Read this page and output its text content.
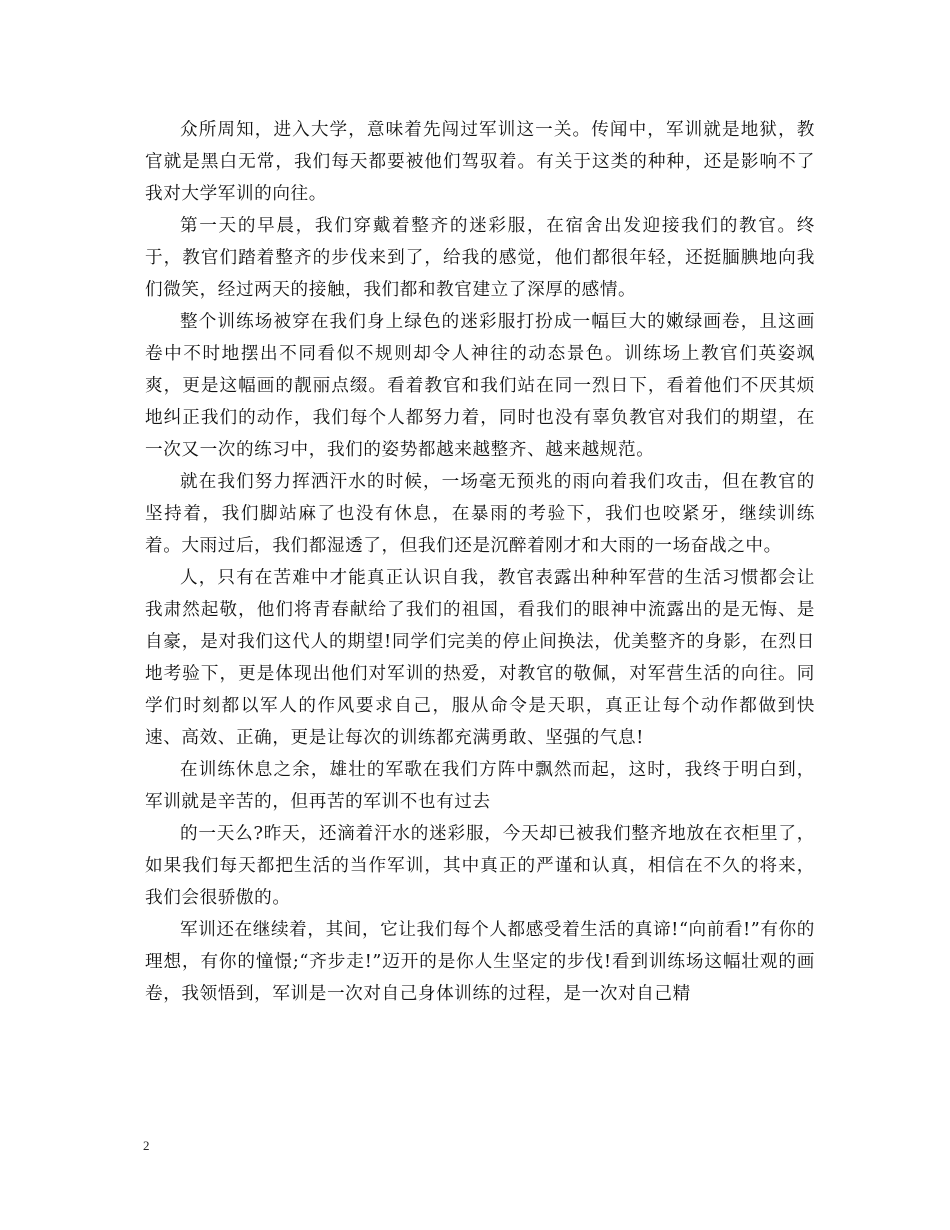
众所周知，进入大学，意味着先闯过军训这一关。传闻中，军训就是地狱，教官就是黑白无常，我们每天都要被他们驾驭着。有关于这类的种种，还是影响不了我对大学军训的向往。

第一天的早晨，我们穿戴着整齐的迷彩服，在宿舍出发迎接我们的教官。终于，教官们踏着整齐的步伐来到了，给我的感觉，他们都很年轻，还挺腼腆地向我们微笑，经过两天的接触，我们都和教官建立了深厚的感情。

整个训练场被穿在我们身上绿色的迷彩服打扮成一幅巨大的嫩绿画卷，且这画卷中不时地摆出不同看似不规则却令人神往的动态景色。训练场上教官们英姿飒爽，更是这幅画的靓丽点缀。看着教官和我们站在同一烈日下，看着他们不厌其烦地纠正我们的动作，我们每个人都努力着，同时也没有辜负教官对我们的期望，在一次又一次的练习中，我们的姿势都越来越整齐、越来越规范。

就在我们努力挥洒汗水的时候，一场毫无预兆的雨向着我们攻击，但在教官的坚持着，我们脚站麻了也没有休息，在暴雨的考验下，我们也咬紧牙，继续训练着。大雨过后，我们都湿透了，但我们还是沉醉着刚才和大雨的一场奋战之中。

人，只有在苦难中才能真正认识自我，教官表露出种种军营的生活习惯都会让我肃然起敬，他们将青春献给了我们的祖国，看我们的眼神中流露出的是无悔、是自豪，是对我们这代人的期望!同学们完美的停止间换法，优美整齐的身影，在烈日地考验下，更是体现出他们对军训的热爱，对教官的敬佩，对军营生活的向往。同学们时刻都以军人的作风要求自己，服从命令是天职，真正让每个动作都做到快速、高效、正确，更是让每次的训练都充满勇敢、坚强的气息!

在训练休息之余，雄壮的军歌在我们方阵中飘然而起，这时，我终于明白到，军训就是辛苦的，但再苦的军训不也有过去

的一天么?昨天，还滴着汗水的迷彩服，今天却已被我们整齐地放在衣柜里了，如果我们每天都把生活的当作军训，其中真正的严谨和认真，相信在不久的将来，我们会很骄傲的。

军训还在继续着，其间，它让我们每个人都感受着生活的真谛!“向前看!”有你的理想，有你的憧憬;“齐步走!”迈开的是你人生坚定的步伐!看到训练场这幅壮观的画卷，我领悟到，军训是一次对自己身体训练的过程，是一次对自己精

2
